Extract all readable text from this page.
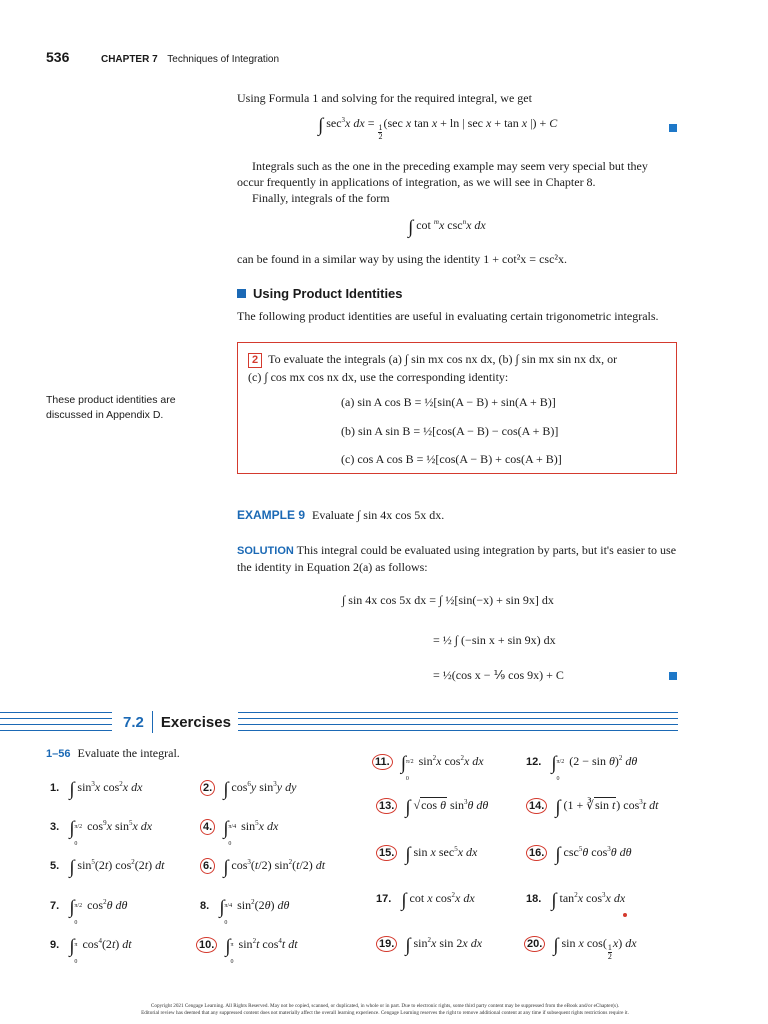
536	CHAPTER 7 Techniques of Integration

Using Formula 1 and solving for the required integral, we get

∫ $\sec^3x$ dx =
$\frac{1}{2}$
(sec x tan x + ln | sec x + tan x |) + C

Integrals such as the one in the preceding example may seem very special but they occur frequently in applications of integration, as we will see in Chapter 8.

Finally, integrals of the form

∫ cot $^m$x $\csc^nx$ dx

can be found in a similar way by using the identity 1 + cot²x = csc²x.

Using Product Identities

The following product identities are useful in evaluating certain trigonometric integrals.

These product identities are discussed in Appendix D.
2 To evaluate the integrals (a) ∫ sin mx cos nx dx, (b) ∫ sin mx sin nx dx, or
(c) ∫ cos mx cos nx dx, use the corresponding identity:
(a) sin A cos B = ½[sin(A − B) + sin(A + B)]
(b) sin A sin B = ½[cos(A − B) − cos(A + B)]
(c) cos A cos B = ½[cos(A − B) + cos(A + B)]
EXAMPLE 9 Evaluate ∫ sin 4x cos 5x dx.

SOLUTION This integral could be evaluated using integration by parts, but it's easier to use the identity in Equation 2(a) as follows:

∫ sin 4x cos 5x dx = ∫ ½[sin(−x) + sin 9x] dx
= ½ ∫ (−sin x + sin 9x) dx
= ½(cos x − ⅑ cos 9x) + C
7.2 Exercises
1–56 Evaluate the integral.
1. ∫ $\sin^3x$ $\cos^2x$ dx	2. ∫ $\cos^6y$ $\sin^3y$ dy
3. ∫ π/2
0
$\cos^9x$ $\sin^5x$ dx	4. ∫ π/4
0
$\sin^5x$ dx
5. ∫ $\sin^5(2t)$ $\cos^2(2t)$ dt	6. ∫ $\cos^3(t/2)$ $\sin^2(t/2)$ dt
7. ∫ π/2
0
$\cos^2\theta$ dθ	8. ∫ π/4
0
$\sin^2(2\theta)$ dθ
9. ∫ π
0
$\cos^4(2t)$ dt	10. ∫ π
0
$\sin^2t$ $\cos^4t$ dt
11. ∫ π/2
0
$\sin^2x$ $\cos^2x$ dx	12. ∫ π/2
0
$(2 - \sin \theta)^2$ dθ
13. ∫ √cos θ $\sin^3\theta$ dθ	14. ∫ (1 + ∛sin t) $\cos^3t$ dt
15. ∫ sin x $\sec^5x$ dx	16. ∫ $\csc^5\theta$ $\cos^3\theta$ dθ
17. ∫ cot x $\cos^2x$ dx	18. ∫ $\tan^2x$ $\cos^3x$ dx
19. ∫ $\sin^2x$ sin 2x dx	20. ∫ sin x cos(
$\frac{1}{2}$
x) dx
Copyright 2021 Cengage Learning. All Rights Reserved. May not be copied, scanned, or duplicated, in whole or in part. Due to electronic rights, some third party content may be suppressed from the eBook and/or eChapter(s).
Editorial review has deemed that any suppressed content does not materially affect the overall learning experience. Cengage Learning reserves the right to remove additional content at any time if subsequent rights restrictions require it.
